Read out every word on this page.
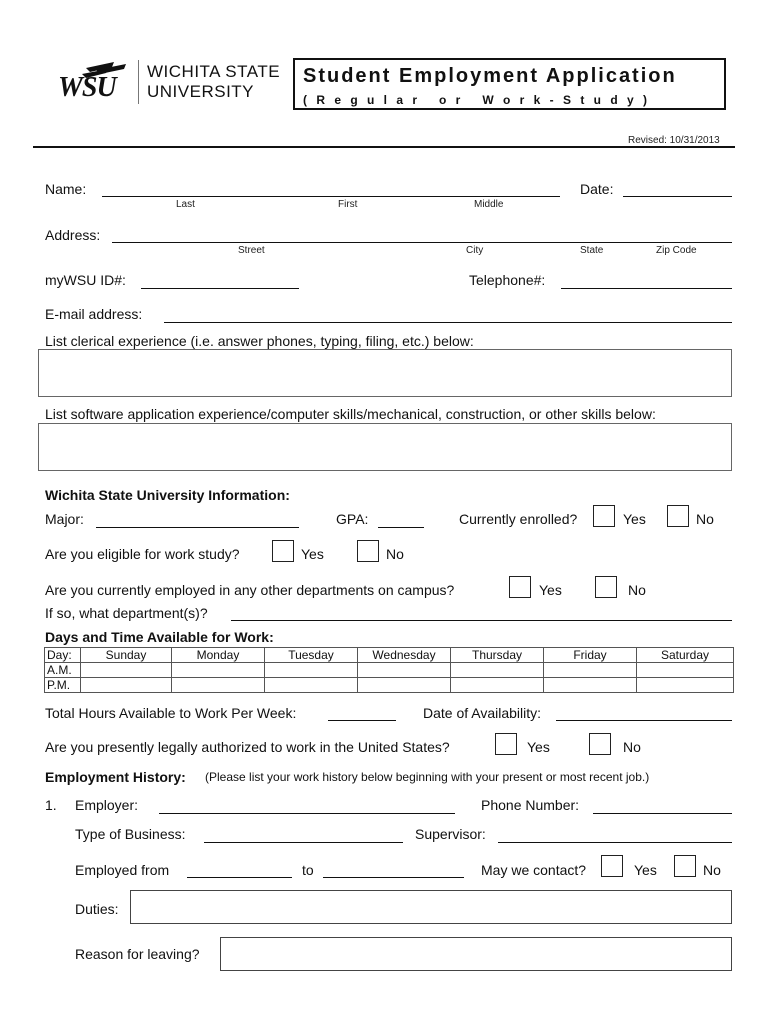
WSU
WICHITA STATE
UNIVERSITY
Student Employment Application
( R e g u l a r   o r   W o r k - S t u d y )
Revised: 10/31/2013
Name:
Last	First	Middle
Date:
Address:
Street	City	State	Zip Code
myWSU ID#:	Telephone#:
E-mail address:
List clerical experience (i.e. answer phones, typing, filing, etc.) below:
List software application experience/computer skills/mechanical, construction, or other skills below:
Wichita State University Information:
Major:	GPA:	Currently enrolled?	Yes	No
Are you eligible for work study?	Yes	No
Are you currently employed in any other departments on campus?	Yes	No
If so, what department(s)?
Days and Time Available for Work:
Day:	Sunday	Monday	Tuesday	Wednesday	Thursday	Friday	Saturday
A.M.							
P.M.							
Total Hours Available to Work Per Week:	Date of Availability:
Are you presently legally authorized to work in the United States?	Yes	No
Employment History: (Please list your work history below beginning with your present or most recent job.)
1. Employer:	Phone Number:
Type of Business:	Supervisor:
Employed from	to	May we contact?	Yes	No
Duties:
Reason for leaving?
